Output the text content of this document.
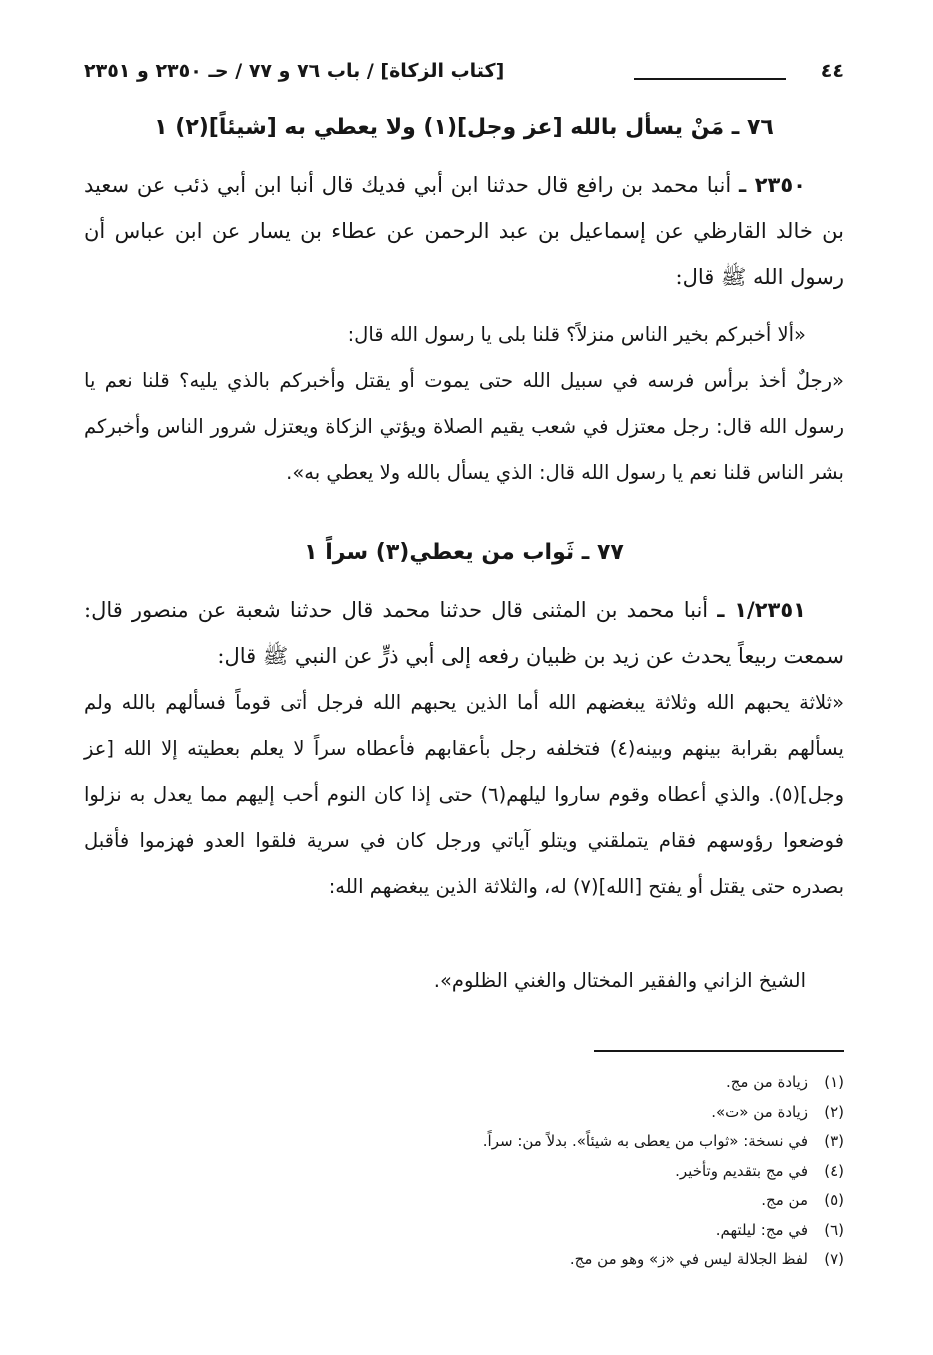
٤٤
[كتاب الزكاة] / باب ٧٦ و ٧٧ / حـ ٢٣٥٠ و ٢٣٥١
٧٦ ـ مَنْ يسأل بالله [عز وجل](١) ولا يعطي به [شيئاً](٢) ١
٢٣٥٠ ـ أنبا محمد بن رافع قال حدثنا ابن أبي فديك قال أنبا ابن أبي ذئب عن سعيد بن خالد القارظي عن إسماعيل بن عبد الرحمن عن عطاء بن يسار عن ابن عباس أن رسول الله ﷺ قال:
«ألا أخبركم بخير الناس منزلاً؟ قلنا بلى يا رسول الله قال:
«رجلٌ أخذ برأس فرسه في سبيل الله حتى يموت أو يقتل وأخبركم بالذي يليه؟ قلنا نعم يا رسول الله قال: رجل معتزل في شعب يقيم الصلاة ويؤتي الزكاة ويعتزل شرور الناس وأخبركم بشر الناس قلنا نعم يا رسول الله قال: الذي يسأل بالله ولا يعطي به».
٧٧ ـ ثَواب من يعطي(٣) سراً ١
١/٢٣٥١ ـ أنبا محمد بن المثنى قال حدثنا محمد قال حدثنا شعبة عن منصور قال: سمعت ربيعاً يحدث عن زيد بن ظبيان رفعه إلى أبي ذرٍّ عن النبي ﷺ قال:
«ثلاثة يحبهم الله وثلاثة يبغضهم الله أما الذين يحبهم الله فرجل أتى قوماً فسألهم بالله ولم يسألهم بقرابة بينهم وبينه(٤) فتخلفه رجل بأعقابهم فأعطاه سراً لا يعلم بعطيته إلا الله [عز وجل](٥). والذي أعطاه وقوم ساروا ليلهم(٦) حتى إذا كان النوم أحب إليهم مما يعدل به نزلوا فوضعوا رؤوسهم فقام يتملقني ويتلو آياتي ورجل كان في سرية فلقوا العدو فهزموا فأقبل بصدره حتى يقتل أو يفتح [الله](٧) له، والثلاثة الذين يبغضهم الله:
الشيخ الزاني والفقير المختال والغني الظلوم».
(١)زيادة من مج.
(٢)زيادة من «ت».
(٣)في نسخة: «ثواب من يعطى به شيئاً». بدلاً من: سراً.
(٤)في مج بتقديم وتأخير.
(٥)من مج.
(٦)في مج: ليلتهم.
(٧)لفظ الجلالة ليس في «ز» وهو من مج.
